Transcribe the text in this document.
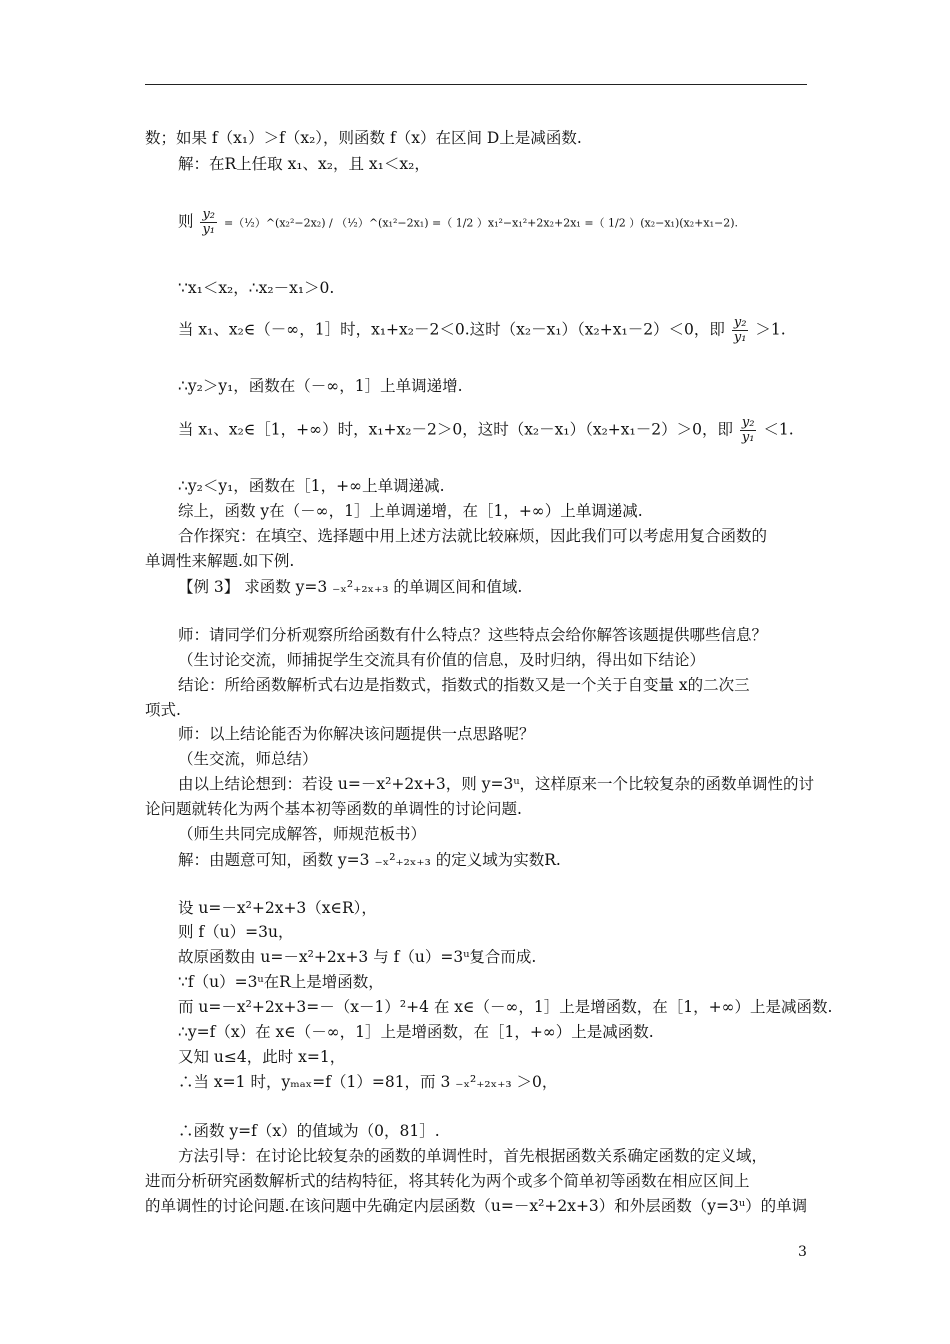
数；如果 f（x₁）＞f（x₂），则函数 f（x）在区间 D上是减函数.
解：在R上任取 x₁、x₂，且 x₁＜x₂，
则 $\frac{\text{y₂}}{\text{y₁}}$ =（½）^(x₂²−2x₂) / （½）^(x₁²−2x₁) =（ 1/2 ）x₁²−x₁²+2x₂+2x₁ =（ 1/2 ）(x₂−x₁)(x₂+x₁−2).
∵x₁＜x₂，∴x₂－x₁＞0.
当 x₁、x₂∈（－∞，1］时，x₁+x₂－2＜0.这时（x₂－x₁）（x₂+x₁－2）＜0，即 $\frac{\text{y₂}}{\text{y₁}} >1$.
∴y₂＞y₁，函数在（－∞，1］上单调递增.
当 x₁、x₂∈［1，+∞）时，x₁+x₂－2＞0，这时（x₂－x₁）（x₂+x₁－2）＞0，即 $\frac{\text{y₂}}{\text{y₁}} <1$.
∴y₂＜y₁，函数在［1，+∞上单调递减.
综上，函数 y在（－∞，1］上单调递增，在［1，+∞）上单调递减.
合作探究：在填空、选择题中用上述方法就比较麻烦，因此我们可以考虑用复合函数的
单调性来解题.如下例.
【例 3】 求函数 y=3 ₋ₓ²₊₂ₓ₊₃ 的单调区间和值域.
师：请同学们分析观察所给函数有什么特点？这些特点会给你解答该题提供哪些信息？
（生讨论交流，师捕捉学生交流具有价值的信息，及时归纳，得出如下结论）
结论：所给函数解析式右边是指数式，指数式的指数又是一个关于自变量 x的二次三
项式.
师：以上结论能否为你解决该问题提供一点思路呢？
（生交流，师总结）
由以上结论想到：若设 u=－x²+2x+3，则 y=3ᵘ，这样原来一个比较复杂的函数单调性的讨
论问题就转化为两个基本初等函数的单调性的讨论问题.
（师生共同完成解答，师规范板书）
解：由题意可知，函数 y=3 ₋ₓ²₊₂ₓ₊₃ 的定义域为实数R.
设 u=－x²+2x+3（x∈R），
则 f（u）=3u，
故原函数由 u=－x²+2x+3 与 f（u）=3ᵘ复合而成.
∵f（u）=3ᵘ在R上是增函数，
而 u=－x²+2x+3=－（x－1）²+4 在 x∈（－∞，1］上是增函数，在［1，+∞）上是减函数.
∴y=f（x）在 x∈（－∞，1］上是增函数，在［1，+∞）上是减函数.
又知 u≤4，此时 x=1，
∴当 x=1 时，yₘₐₓ=f（1）=81，而 3 ₋ₓ²₊₂ₓ₊₃ ＞0，
∴函数 y=f（x）的值域为（0，81］.
方法引导：在讨论比较复杂的函数的单调性时，首先根据函数关系确定函数的定义域，
进而分析研究函数解析式的结构特征，将其转化为两个或多个简单初等函数在相应区间上
的单调性的讨论问题.在该问题中先确定内层函数（u=－x²+2x+3）和外层函数（y=3ᵘ）的单调
3
